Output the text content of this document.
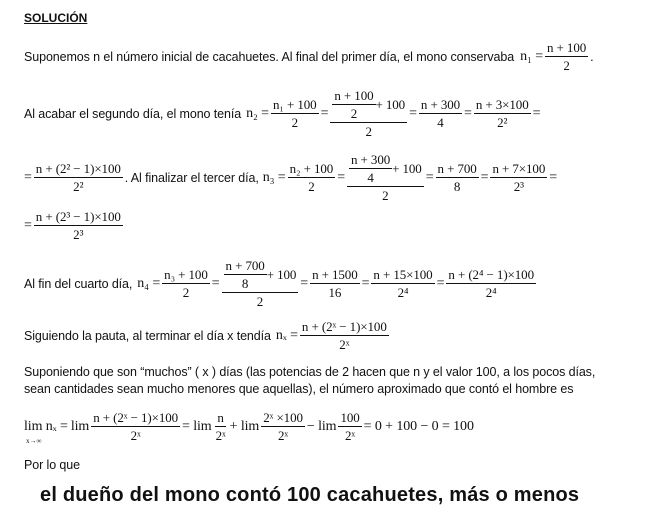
SOLUCIÓN
Suponemos n el número inicial de cacahuetes. Al final del primer día, el mono conservaba $n_1 = \frac{n + 100}{2}$ .
Al acabar el segundo día, el mono tenía $n_2 = \frac{\text{n₁ + 100}}{2} = \frac{\frac{n + 100}{2} + 100}{2} = \frac{n + 300}{4} = \frac{n + 3\times 100}{\text{2²}}$ =
= $\frac{\text{n + (2² − 1)×100}}{\text{2²}}$ . Al finalizar el tercer día, $n_3 = \frac{\text{n₂ + 100}}{2} = \frac{\frac{n + 300}{4} + 100}{2} = \frac{n + 700}{8} = \frac{n + 7\times 100}{\text{2³}}$ =
= $\frac{\text{n + (2³ − 1)×100}}{\text{2³}}$
Al fin del cuarto día, $n_4 = \frac{\text{n₃ + 100}}{2} = \frac{\frac{n + 700}{8} + 100}{2} = \frac{n + 1500}{16} = \frac{n + 15\times 100}{\text{2⁴}} = \frac{\text{n + (2⁴ − 1)×100}}{\text{2⁴}}$
Siguiendo la pauta, al terminar el día x tendía $n_x = \frac{\text{n + (2ˣ − 1)×100}}{\text{2ˣ}}$
Suponiendo que son “muchos” ( x ) días (las potencias de 2 hacen que n y el valor 100, a los pocos días,
sean cantidades sean mucho menores que aquellas), el número aproximado que contó el hombre es
$\lim n_x = \lim \frac{\text{n + (2ˣ − 1)×100}}{\text{2ˣ}} = \lim \frac{n}{\text{2ˣ}} + \lim \frac{\text{2ˣ ×100}}{\text{2ˣ}} - \lim \frac{100}{\text{2ˣ}} = 0 + 100 - 0 = 100$
x→∞
Por lo que
el dueño del mono contó 100 cacahuetes, más o menos
